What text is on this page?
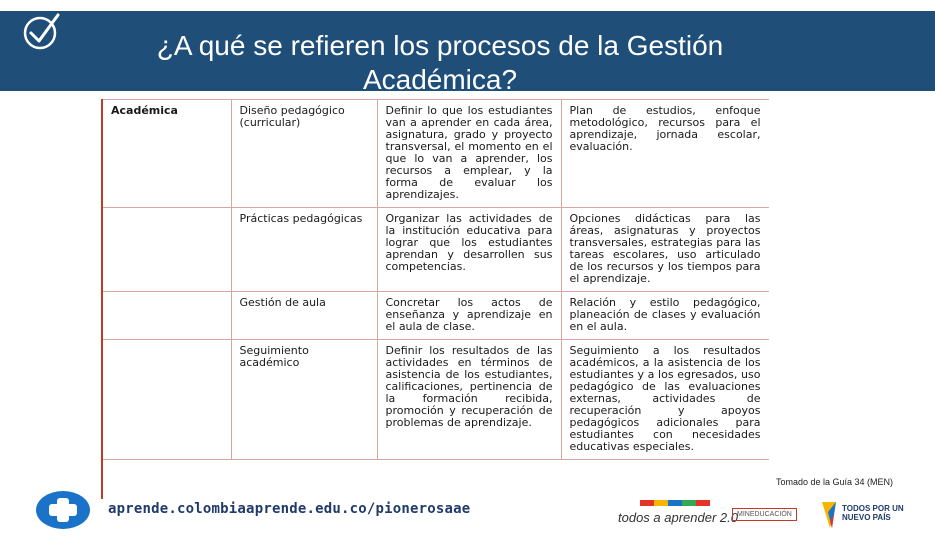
¿A qué se refieren los procesos de la Gestión
Académica?
Académica	Diseño pedagógico (curricular)	Definir lo que los estudiantes van a aprender en cada área, asignatura, grado y proyecto transversal, el momento en el que lo van a aprender, los recursos a emplear, y la forma de evaluar los aprendizajes.	Plan de estudios, enfoque metodológico, recursos para el aprendizaje, jornada escolar, evaluación.
	Prácticas pedagógicas	Organizar las actividades de la institución educativa para lograr que los estudiantes aprendan y desarrollen sus competencias.	Opciones didácticas para las áreas, asignaturas y proyectos transversales, estrategias para las tareas escolares, uso articulado de los recursos y los tiempos para el aprendizaje.
	Gestión de aula	Concretar los actos de enseñanza y aprendizaje en el aula de clase.	Relación y estilo pedagógico, planeación de clases y evaluación en el aula.
	Seguimiento académico	Definir los resultados de las actividades en términos de asistencia de los estudiantes, calificaciones, pertinencia de la formación recibida, promoción y recuperación de problemas de aprendizaje.	Seguimiento a los resultados académicos, a la asistencia de los estudiantes y a los egresados, uso pedagógico de las evaluaciones externas, actividades de recuperación y apoyos pedagógicos adicionales para estudiantes con necesidades educativas especiales.
Tomado de la Guía 34 (MEN)
aprende.colombiaaprende.edu.co/pionerosaae
todos a aprender 2.0 MINEDUCACIÓN
TODOS POR UN
NUEVO PAÍS
